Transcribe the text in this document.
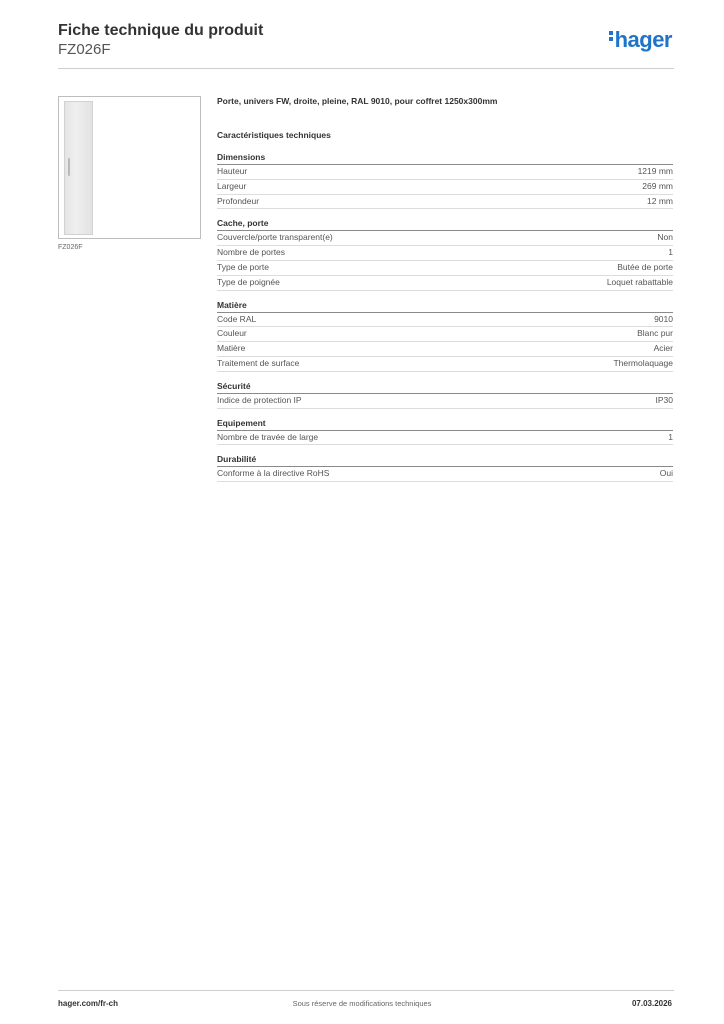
Fiche technique du produit
FZ026F	hager
FZ026F
Porte, univers FW, droite, pleine, RAL 9010, pour coffret 1250x300mm
Caractéristiques techniques
Dimensions
Hauteur	1219 mm
Largeur	269 mm
Profondeur	12 mm
Cache, porte
Couvercle/porte transparent(e)	Non
Nombre de portes	1
Type de porte	Butée de porte
Type de poignée	Loquet rabattable
Matière
Code RAL	9010
Couleur	Blanc pur
Matière	Acier
Traitement de surface	Thermolaquage
Sécurité
Indice de protection IP	IP30
Equipement
Nombre de travée de large	1
Durabilité
Conforme à la directive RoHS	Oui
hager.com/fr-ch	Sous réserve de modifications techniques	07.03.2026
